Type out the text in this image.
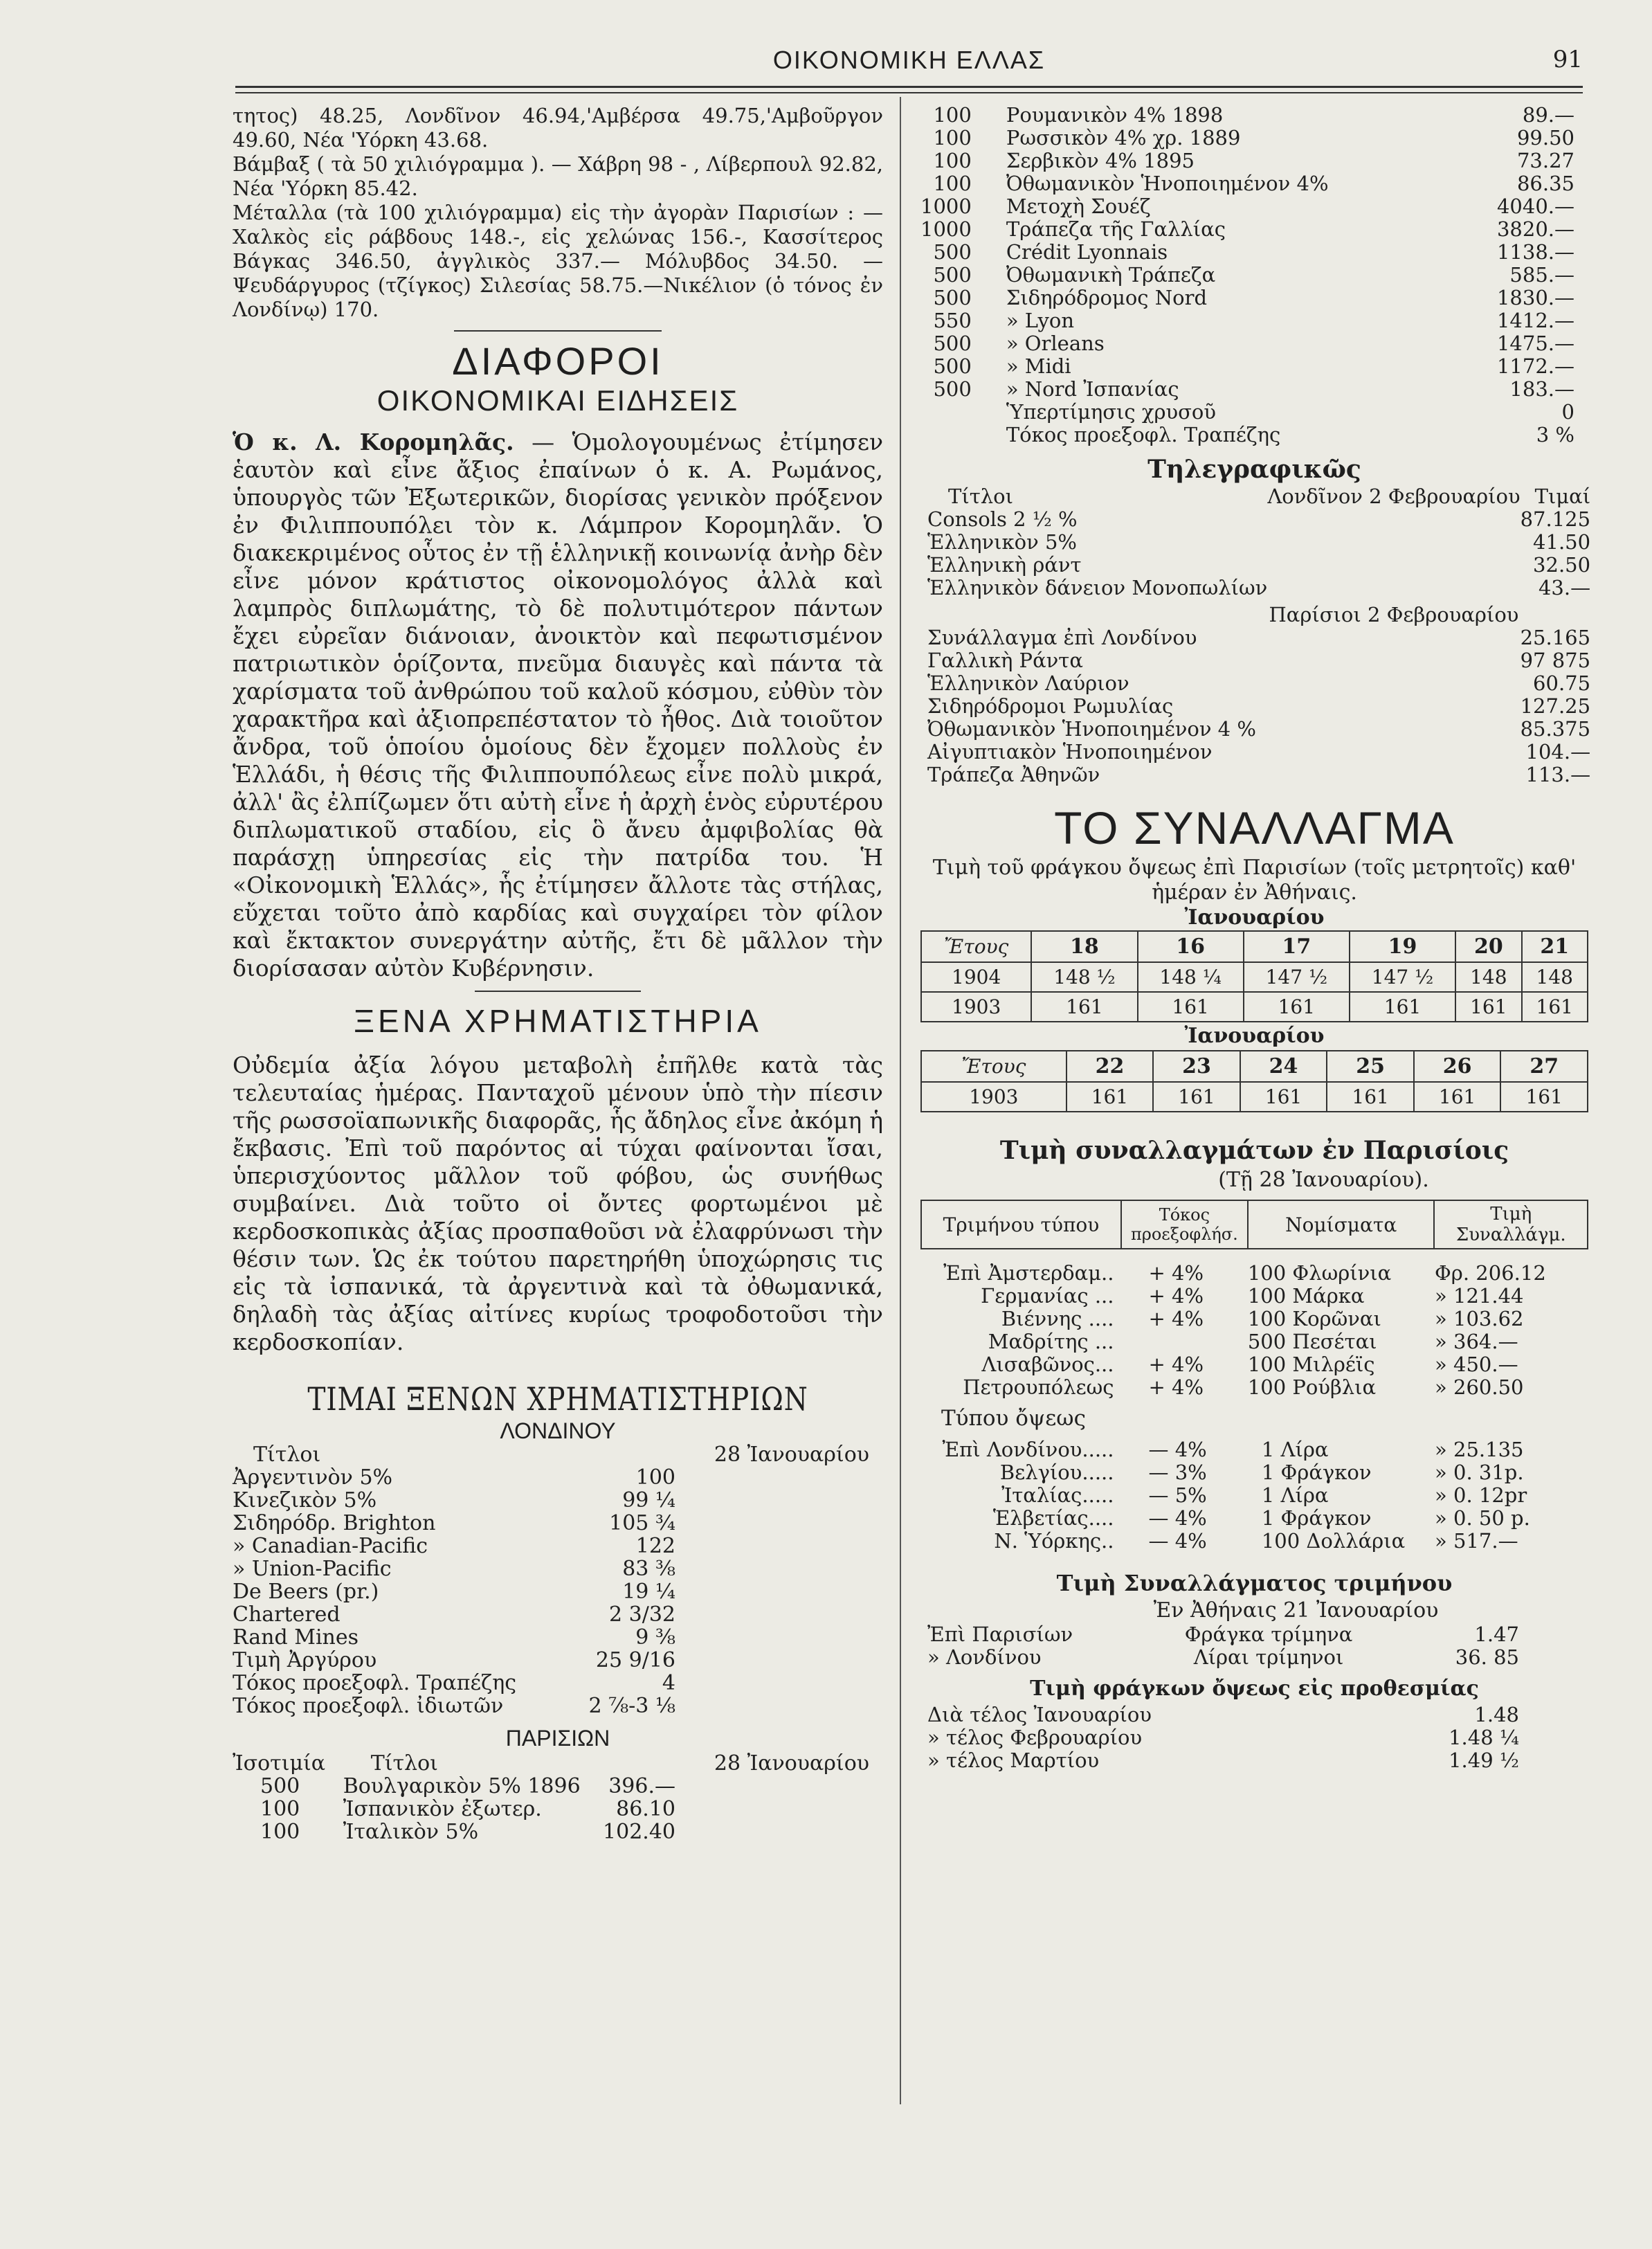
ΟΙΚΟΝΟΜΙΚΗ ΕΛΛΑΣ	91

τητος) 48.25, Λονδῖνον 46.94,'Αμβέρσα 49.75,'Αμβοῦργον 49.60, Νέα 'Υόρκη 43.68.

Βάμβαξ ( τὰ 50 χιλιόγραμμα ). — Χάβρη 98 - , Λίβερπουλ 92.82, Νέα 'Υόρκη 85.42.

Μέταλλα (τὰ 100 χιλιόγραμμα) εἰς τὴν ἀγορὰν Παρισίων : — Χαλκὸς εἰς ράβδους 148.-, εἰς χελώνας 156.-, Κασσίτερος Βάγκας 346.50, ἀγγλικὸς 337.— Μόλυβδος 34.50. — Ψευδάργυρος (τζίγκος) Σιλεσίας 58.75.—Νικέλιον (ὁ τόνος ἐν Λονδίνῳ) 170.

ΔΙΑΦΟΡΟΙ
ΟΙΚΟΝΟΜΙΚΑΙ ΕΙΔΗΣΕΙΣ

Ὁ κ. Λ. Κορομηλᾶς. — Ὁμολογουμένως ἐτίμησεν ἑαυτὸν καὶ εἶνε ἄξιος ἐπαίνων ὁ κ. Α. Ρωμάνος, ὑπουργὸς τῶν Ἐξωτερικῶν, διορίσας γενικὸν πρόξενον ἐν Φιλιππουπόλει τὸν κ. Λάμπρον Κορομηλᾶν. Ὁ διακεκριμένος οὗτος ἐν τῇ ἑλληνικῇ κοινωνίᾳ ἀνὴρ δὲν εἶνε μόνον κράτιστος οἰκονομολόγος ἀλλὰ καὶ λαμπρὸς διπλωμάτης, τὸ δὲ πολυτιμότερον πάντων ἔχει εὐρεῖαν διάνοιαν, ἀνοικτὸν καὶ πεφωτισμένον πατριωτικὸν ὁρίζοντα, πνεῦμα διαυγὲς καὶ πάντα τὰ χαρίσματα τοῦ ἀνθρώπου τοῦ καλοῦ κόσμου, εὐθὺν τὸν χαρακτῆρα καὶ ἀξιοπρεπέστατον τὸ ἦθος. Διὰ τοιοῦτον ἄνδρα, τοῦ ὁποίου ὁμοίους δὲν ἔχομεν πολλοὺς ἐν Ἑλλάδι, ἡ θέσις τῆς Φιλιππουπόλεως εἶνε πολὺ μικρά, ἀλλ' ἂς ἐλπίζωμεν ὅτι αὐτὴ εἶνε ἡ ἀρχὴ ἑνὸς εὐρυτέρου διπλωματικοῦ σταδίου, εἰς ὃ ἄνευ ἀμφιβολίας θὰ παράσχῃ ὑπηρεσίας εἰς τὴν πατρίδα του. Ἡ «Οἰκονομικὴ Ἑλλάς», ἧς ἐτίμησεν ἄλλοτε τὰς στήλας, εὔχεται τοῦτο ἀπὸ καρδίας καὶ συγχαίρει τὸν φίλον καὶ ἔκτακτον συνεργάτην αὐτῆς, ἔτι δὲ μᾶλλον τὴν διορίσασαν αὐτὸν Κυβέρνησιν.

ΞΕΝΑ ΧΡΗΜΑΤΙΣΤΗΡΙΑ

Οὐδεμία ἀξία λόγου μεταβολὴ ἐπῆλθε κατὰ τὰς τελευταίας ἡμέρας. Πανταχοῦ μένουν ὑπὸ τὴν πίεσιν τῆς ρωσσοϊαπωνικῆς διαφορᾶς, ἧς ἄδηλος εἶνε ἀκόμη ἡ ἔκβασις. Ἐπὶ τοῦ παρόντος αἱ τύχαι φαίνονται ἴσαι, ὑπερισχύοντος μᾶλλον τοῦ φόβου, ὡς συνήθως συμβαίνει. Διὰ τοῦτο οἱ ὄντες φορτωμένοι μὲ κερδοσκοπικὰς ἀξίας προσπαθοῦσι νὰ ἐλαφρύνωσι τὴν θέσιν των. Ὡς ἐκ τούτου παρετηρήθη ὑποχώρησις τις εἰς τὰ ἰσπανικά, τὰ ἀργεντινὰ καὶ τὰ ὀθωμανικά, δηλαδὴ τὰς ἀξίας αἰτίνες κυρίως τροφοδοτοῦσι τὴν κερδοσκοπίαν.

ΤΙΜΑΙ ΞΕΝΩΝ ΧΡΗΜΑΤΙΣΤΗΡΙΩΝ
ΛΟΝΔΙΝΟΥ
Τίτλοι	28 Ἰανουαρίου
Ἀργεντινὸν 5%	100
Κινεζικὸν 5%	99 ¼
Σιδηρόδρ. Brighton	105 ¾
» Canadian-Pacific	122
» Union-Pacific	83 ⅜
De Beers (pr.)	19 ¼
Chartered	2 3/32
Rand Mines	9 ⅜
Τιμὴ Ἀργύρου	25 9/16
Τόκος προεξοφλ. Τραπέζης	4
Τόκος προεξοφλ. ἰδιωτῶν	2 ⅞-3 ⅛
ΠΑΡΙΣΙΩΝ
Ἰσοτιμία	Τίτλοι	28 Ἰανουαρίου
500	Βουλγαρικὸν 5% 1896	396.—
100	Ἰσπανικὸν ἐξωτερ.	86.10
100	Ἰταλικὸν 5%	102.40
100	Ρουμανικὸν 4% 1898	89.—
100	Ρωσσικὸν 4% χρ. 1889	99.50
100	Σερβικὸν 4% 1895	73.27
100	Ὀθωμανικὸν Ἡνοποιημένον 4%	86.35
1000	Μετοχὴ Σουέζ	4040.—
1000	Τράπεζα τῆς Γαλλίας	3820.—
500	Crédit Lyonnais	1138.—
500	Ὀθωμανικὴ Τράπεζα	585.—
500	Σιδηρόδρομος Nord	1830.—
550	» Lyon	1412.—
500	» Orleans	1475.—
500	» Midi	1172.—
500	» Nord Ἰσπανίας	183.—
	Ὑπερτίμησις χρυσοῦ	0
	Τόκος προεξοφλ. Τραπέζης	3 %
Τηλεγραφικῶς
Τίτλοι	Λονδῖνον 2 Φεβρουαρίου	Τιμαί
Consols 2 ½ %		87.125
Ἑλληνικὸν 5%		41.50
Ἑλληνικὴ ράντ		32.50
Ἑλληνικὸν δάνειον Μονοπωλίων		43.—
	Παρίσιοι 2 Φεβρουαρίου	
Συνάλλαγμα ἐπὶ Λονδίνου		25.165
Γαλλικὴ Ράντα		97 875
Ἑλληνικὸν Λαύριον		60.75
Σιδηρόδρομοι Ρωμυλίας		127.25
Ὀθωμανικὸν Ἡνοποιημένον 4 %		85.375
Αἰγυπτιακὸν Ἡνοποιημένον		104.—
Τράπεζα Ἀθηνῶν		113.—
ΤΟ ΣΥΝΑΛΛΑΓΜΑ
Τιμὴ τοῦ φράγκου ὄψεως ἐπὶ Παρισίων (τοῖς μετρητοῖς) καθ' ἡμέραν ἐν Ἀθήναις.
Ἰανουαρίου
Ἔτους	18	16	17	19	20	21
1904	148 ½	148 ¼	147 ½	147 ½	148	148
1903	161	161	161	161	161	161
Ἰανουαρίου
Ἔτους	22	23	24	25	26	27
1903	161	161	161	161	161	161
Τιμὴ συναλλαγμάτων ἐν Παρισίοις
(Τῇ 28 Ἰανουαρίου).
Τριμήνου τύπου	Τόκος προεξοφλήσ.	Νομίσματα	Τιμὴ Συναλλάγμ.
Ἐπὶ Ἀμστερδαμ..	+ 4%	100 Φλωρίνια	Φρ. 206.12
Γερμανίας ...	+ 4%	100 Μάρκα	» 121.44
Βιέννης ....	+ 4%	100 Κορῶναι	» 103.62
Μαδρίτης ...		500 Πεσέται	» 364.—
Λισαβῶνος...	+ 4%	100 Μιλρέϊς	» 450.—
Πετρουπόλεως	+ 4%	100 Ρούβλια	» 260.50
Τύπου ὄψεως			
Ἐπὶ Λονδίνου.....	— 4%	1 Λίρα	» 25.135
Βελγίου.....	— 3%	1 Φράγκον	» 0. 31p.
Ἰταλίας.....	— 5%	1 Λίρα	» 0. 12pr
Ἑλβετίας....	— 4%	1 Φράγκον	» 0. 50 p.
Ν. Ὑόρκης..	— 4%	100 Δολλάρια	» 517.—
Τιμὴ Συναλλάγματος τριμήνου
Ἐν Ἀθήναις 21 Ἰανουαρίου
Ἐπὶ Παρισίων	Φράγκα τρίμηνα	1.47
» Λονδίνου	Λίραι τρίμηνοι	36. 85
Τιμὴ φράγκων ὄψεως εἰς προθεσμίας
Διὰ τέλος Ἰανουαρίου	1.48
» τέλος Φεβρουαρίου	1.48 ¼
» τέλος Μαρτίου	1.49 ½
